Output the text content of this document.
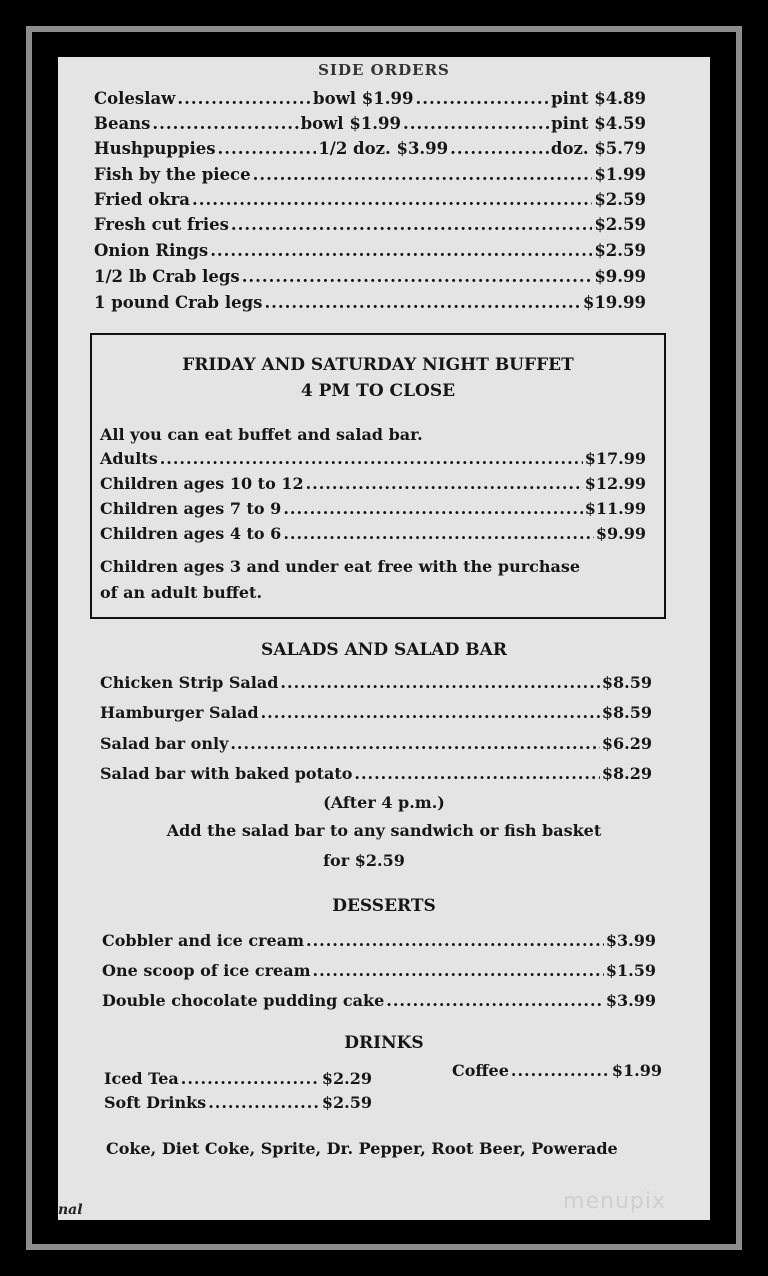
SIDE ORDERS
Coleslaw .....	bowl $1.99 .....	pint $4.89
Beans .....	bowl $1.99 .....	pint $4.59
Hushpuppies .....	1/2 doz. $3.99 .....	doz. $5.79
Fish by the piece .....	$1.99
Fried okra .....	$2.59
Fresh cut fries .....	$2.59
Onion Rings .....	$2.59
1/2 lb Crab legs .....	$9.99
1 pound Crab legs .....	$19.99
FRIDAY AND SATURDAY NIGHT BUFFET
4 PM TO CLOSE
All you can eat buffet and salad bar.
Adults .....	$17.99
Children ages 10 to 12 .....	$12.99
Children ages 7 to 9 .....	$11.99
Children ages 4 to 6 .....	$9.99
Children ages 3 and under eat free with the purchase
of an adult buffet.
SALADS AND SALAD BAR
Chicken Strip Salad .....	$8.59
Hamburger Salad .....	$8.59
Salad bar only .....	$6.29
Salad bar with baked potato .....	$8.29
(After 4 p.m.)
Add the salad bar to any sandwich or fish basket
for $2.59
DESSERTS
Cobbler and ice cream .....	$3.99
One scoop of ice cream .....	$1.59
Double chocolate pudding cake .....	$3.99
DRINKS
Iced Tea .....	$2.29
Soft Drinks .....	$2.59
Coffee .....	$1.99
Coke, Diet Coke, Sprite, Dr. Pepper, Root Beer, Powerade
menupix
nal
